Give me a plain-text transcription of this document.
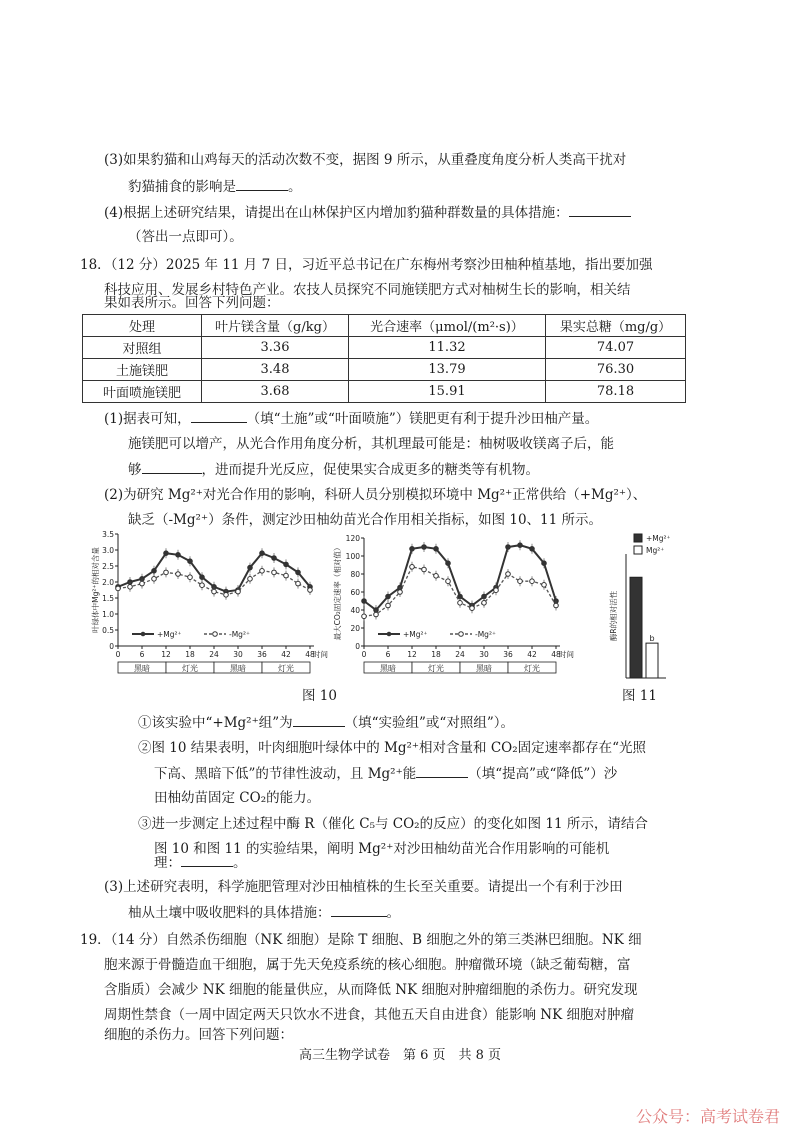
(3)如果豹猫和山鸡每天的活动次数不变，据图 9 所示，从重叠度角度分析人类高干扰对
豹猫捕食的影响是	。
(4)根据上述研究结果，请提出在山林保护区内增加豹猫种群数量的具体措施：
（答出一点即可）。
18．（12 分）2025 年 11 月 7 日，习近平总书记在广东梅州考察沙田柚种植基地，指出要加强
科技应用、发展乡村特色产业。农技人员探究不同施镁肥方式对柚树生长的影响，相关结
果如表所示。回答下列问题：
处理	叶片镁含量（g/kg）	光合速率（μmol/(m²·s)）	果实总糖（mg/g）
对照组	3.36	11.32	74.07
土施镁肥	3.48	13.79	76.30
叶面喷施镁肥	3.68	15.91	78.18
(1)据表可知，	（填“土施”或“叶面喷施”）镁肥更有利于提升沙田柚产量。
施镁肥可以增产，从光合作用角度分析，其机理最可能是：柚树吸收镁离子后，能
够	，进而提升光反应，促使果实合成更多的糖类等有机物。
(2)为研究 Mg²⁺对光合作用的影响，科研人员分别模拟环境中 Mg²⁺正常供给（+Mg²⁺）、
缺乏（-Mg²⁺）条件，测定沙田柚幼苗光合作用相关指标，如图 10、11 所示。
0
0.5
1.0
1.5
2.0
2.5
3.0
3.5
0	6 12 18 24 30 36 42 48
时间
叶绿体中Mg²⁺的相对含量
黑暗	灯光	黑暗	灯光
+Mg²⁺	-Mg²⁺
0
20
40
60
80
100
120
0	6 12 18 24 30 36 42 48
时间
最大CO₂固定速率（相对值）
黑暗	灯光	黑暗	灯光
+Mg²⁺	-Mg²⁺	酶R的相对活性
a
b
+Mg²⁺
Mg²⁺
图 10	图 11
①该实验中“+Mg²⁺组”为	（填“实验组”或“对照组”）。
②图 10 结果表明，叶肉细胞叶绿体中的 Mg²⁺相对含量和 CO₂固定速率都存在“光照
下高、黑暗下低”的节律性波动，且 Mg²⁺能	（填“提高”或“降低”）沙
田柚幼苗固定 CO₂的能力。
③进一步测定上述过程中酶 R（催化 C₅与 CO₂的反应）的变化如图 11 所示，请结合
图 10 和图 11 的实验结果，阐明 Mg²⁺对沙田柚幼苗光合作用影响的可能机
理：	。
(3)上述研究表明，科学施肥管理对沙田柚植株的生长至关重要。请提出一个有利于沙田
柚从土壤中吸收肥料的具体措施：	。
19．（14 分）自然杀伤细胞（NK 细胞）是除 T 细胞、B 细胞之外的第三类淋巴细胞。NK 细
胞来源于骨髓造血干细胞，属于先天免疫系统的核心细胞。肿瘤微环境（缺乏葡萄糖，富
含脂质）会减少 NK 细胞的能量供应，从而降低 NK 细胞对肿瘤细胞的杀伤力。研究发现
周期性禁食（一周中固定两天只饮水不进食，其他五天自由进食）能影响 NK 细胞对肿瘤
细胞的杀伤力。回答下列问题：
高三生物学试卷　第 6 页　共 8 页
公众号：高考试卷君
